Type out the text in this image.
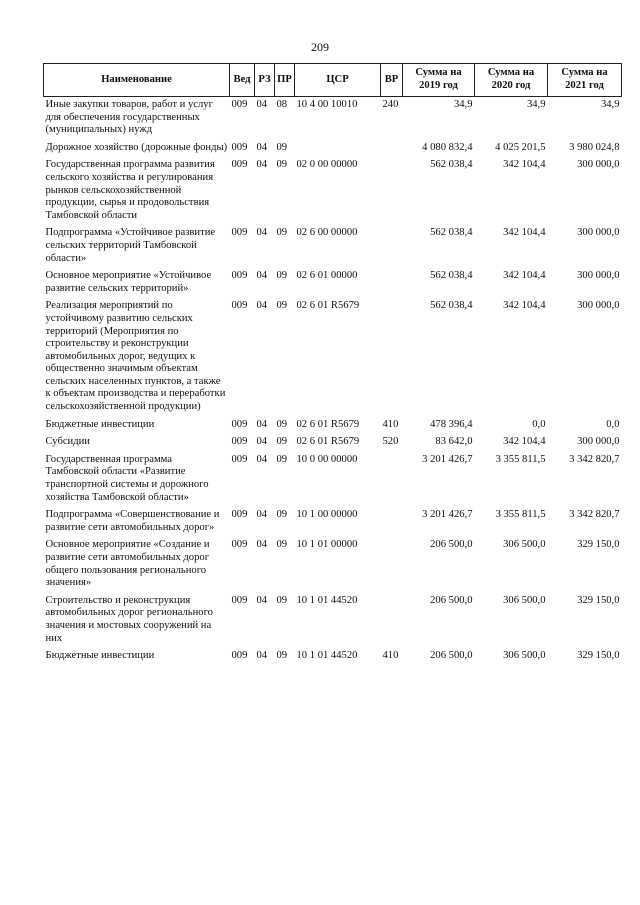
209
Наименование	Вед	РЗ	ПР	ЦСР	ВР	Сумма на 2019 год	Сумма на 2020 год	Сумма на 2021 год
Иные закупки товаров, работ и услуг для обеспечения государственных (муниципальных) нужд	009	04	08	10 4 00 10010	240	34,9	34,9	34,9
Дорожное хозяйство (дорожные фонды)	009	04	09			4 080 832,4	4 025 201,5	3 980 024,8
Государственная программа развития сельского хозяйства и регулирования рынков сельскохозяйственной продукции, сырья и продовольствия Тамбовской области	009	04	09	02 0 00 00000		562 038,4	342 104,4	300 000,0
Подпрограмма «Устойчивое развитие сельских территорий Тамбовской области»	009	04	09	02 6 00 00000		562 038,4	342 104,4	300 000,0
Основное мероприятие «Устойчивое развитие сельских территорий»	009	04	09	02 6 01 00000		562 038,4	342 104,4	300 000,0
Реализация мероприятий по устойчивому развитию сельских территорий (Мероприятия по строительству и реконструкции автомобильных дорог, ведущих к общественно значимым объектам сельских населенных пунктов, а также к объектам производства и переработки сельскохозяйственной продукции)	009	04	09	02 6 01 R5679		562 038,4	342 104,4	300 000,0
Бюджетные инвестиции	009	04	09	02 6 01 R5679	410	478 396,4	0,0	0,0
Субсидии	009	04	09	02 6 01 R5679	520	83 642,0	342 104,4	300 000,0
Государственная программа Тамбовской области «Развитие транспортной системы и дорожного хозяйства Тамбовской области»	009	04	09	10 0 00 00000		3 201 426,7	3 355 811,5	3 342 820,7
Подпрограмма «Совершенствование и развитие сети автомобильных дорог»	009	04	09	10 1 00 00000		3 201 426,7	3 355 811,5	3 342 820,7
Основное мероприятие «Создание и развитие сети автомобильных дорог общего пользования регионального значения»	009	04	09	10 1 01 00000		206 500,0	306 500,0	329 150,0
Строительство и реконструкция автомобильных дорог регионального значения и мостовых сооружений на них	009	04	09	10 1 01 44520		206 500,0	306 500,0	329 150,0
Бюджетные инвестиции	009	04	09	10 1 01 44520	410	206 500,0	306 500,0	329 150,0
